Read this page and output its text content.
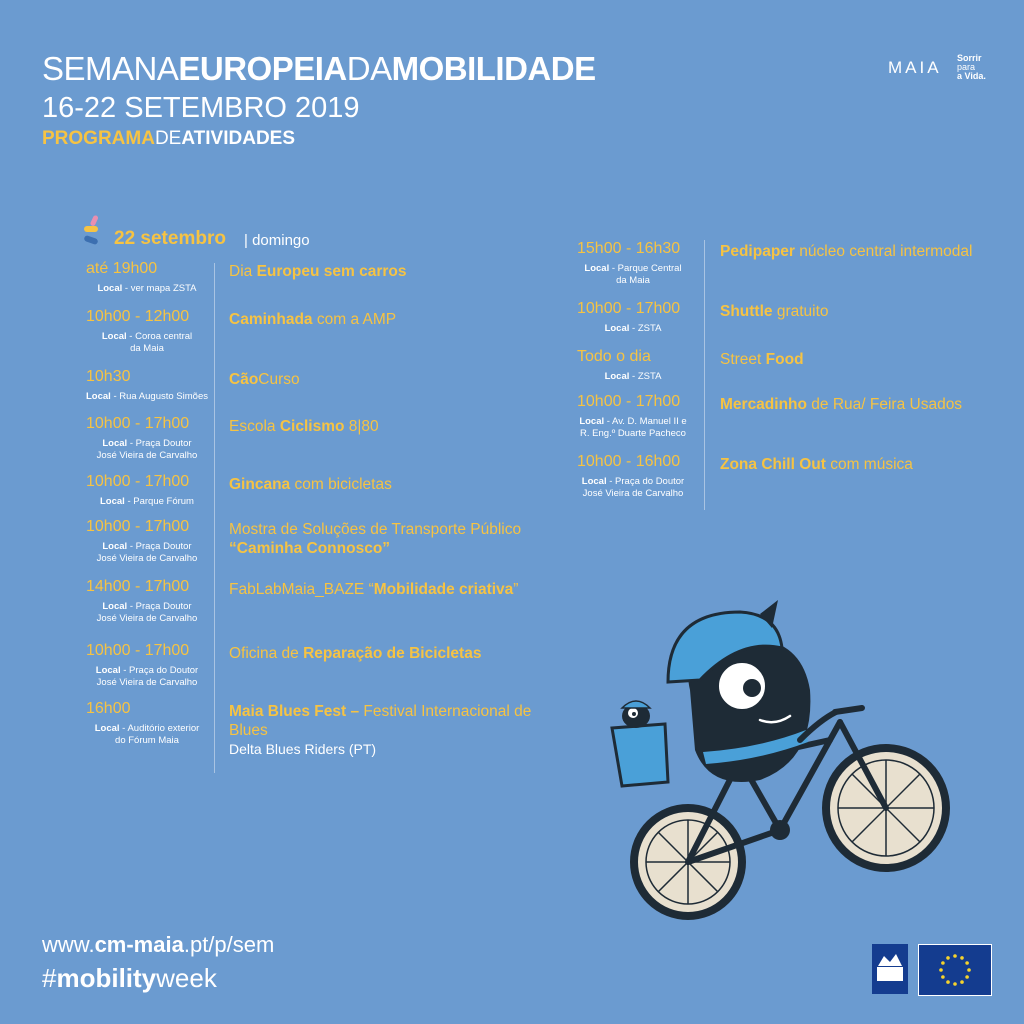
SEMANAEUROPEIADAMOBILIDADE
16-22 SETEMBRO 2019
PROGRAMADEATIVIDADES
MAIA Sorrir
para
a Vida.
22 setembro | domingo
até 19h00
Local - ver mapa ZSTA
Dia Europeu sem carros
10h00 - 12h00
Local - Coroa central
da Maia
Caminhada com a AMP
10h30
Local - Rua Augusto Simões
CãoCurso
10h00 - 17h00
Local - Praça Doutor
José Vieira de Carvalho
Escola Ciclismo 8|80
10h00 - 17h00
Local - Parque Fórum
Gincana com bicicletas
10h00 - 17h00
Local - Praça Doutor
José Vieira de Carvalho
Mostra de Soluções de Transporte Público
“Caminha Connosco”
14h00 - 17h00
Local - Praça Doutor
José Vieira de Carvalho
FabLabMaia_BAZE “Mobilidade criativa”
10h00 - 17h00
Local - Praça do Doutor
José Vieira de Carvalho
Oficina de Reparação de Bicicletas
16h00
Local - Auditório exterior
do Fórum Maia
Maia Blues Fest – Festival Internacional de Blues
Delta Blues Riders (PT)
15h00 - 16h30
Local - Parque Central
da Maia
Pedipaper núcleo central intermodal
10h00 - 17h00
Local - ZSTA
Shuttle gratuito
Todo o dia
Local - ZSTA
Street Food
10h00 - 17h00
Local - Av. D. Manuel II e
R. Eng.º Duarte Pacheco
Mercadinho de Rua/ Feira Usados
10h00 - 16h00
Local - Praça do Doutor
José Vieira de Carvalho
Zona Chill Out com música
www.cm-maia.pt/p/sem
#mobilityweek	maia
